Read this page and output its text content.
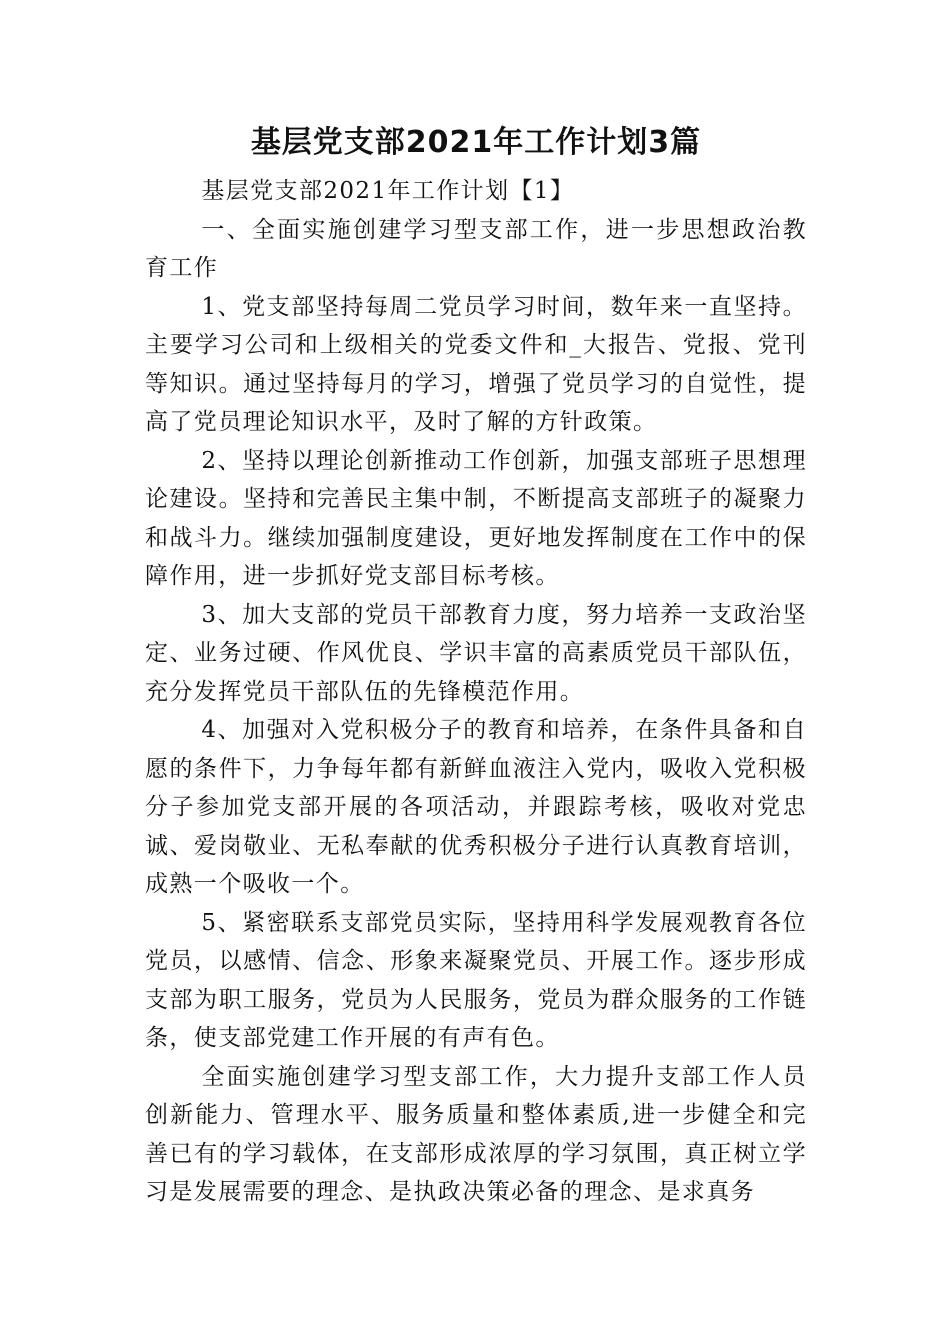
基层党支部2021年工作计划3篇

基层党支部2021年工作计划【1】

一、全面实施创建学习型支部工作，进一步思想政治教育工作

1、党支部坚持每周二党员学习时间，数年来一直坚持。主要学习公司和上级相关的党委文件和_大报告、党报、党刊等知识。通过坚持每月的学习，增强了党员学习的自觉性，提高了党员理论知识水平，及时了解的方针政策。

2、坚持以理论创新推动工作创新，加强支部班子思想理论建设。坚持和完善民主集中制，不断提高支部班子的凝聚力和战斗力。继续加强制度建设，更好地发挥制度在工作中的保障作用，进一步抓好党支部目标考核。

3、加大支部的党员干部教育力度，努力培养一支政治坚定、业务过硬、作风优良、学识丰富的高素质党员干部队伍，充分发挥党员干部队伍的先锋模范作用。

4、加强对入党积极分子的教育和培养，在条件具备和自愿的条件下，力争每年都有新鲜血液注入党内，吸收入党积极分子参加党支部开展的各项活动，并跟踪考核，吸收对党忠诚、爱岗敬业、无私奉献的优秀积极分子进行认真教育培训，成熟一个吸收一个。

5、紧密联系支部党员实际，坚持用科学发展观教育各位党员，以感情、信念、形象来凝聚党员、开展工作。逐步形成支部为职工服务，党员为人民服务，党员为群众服务的工作链条，使支部党建工作开展的有声有色。

全面实施创建学习型支部工作，大力提升支部工作人员创新能力、管理水平、服务质量和整体素质,进一步健全和完善已有的学习载体，在支部形成浓厚的学习氛围，真正树立学习是发展需要的理念、是执政决策必备的理念、是求真务
